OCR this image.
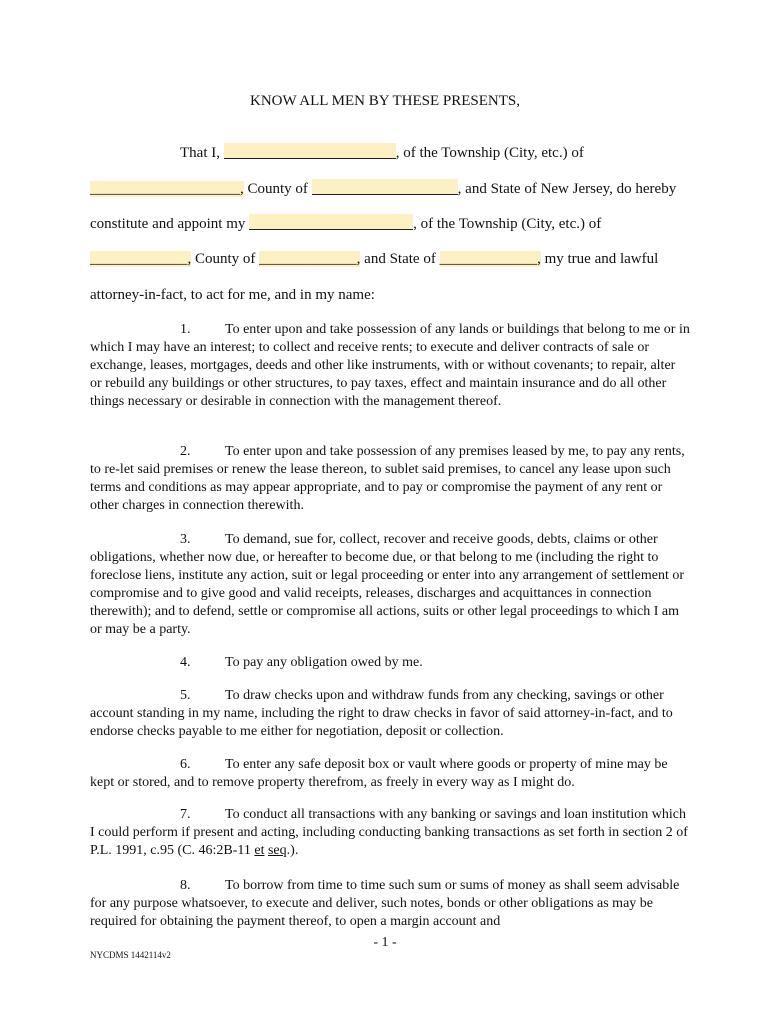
KNOW ALL MEN BY THESE PRESENTS,
That I,	, of the Township (City, etc.) of
____________________, County of	, and State of New Jersey, do hereby
constitute and appoint my	, of the Township (City, etc.) of
_____________, County of _____________, and State of _____________, my true and lawful
attorney-in-fact, to act for me, and in my name:
1. To enter upon and take possession of any lands or buildings that belong to me or in which I may have an interest; to collect and receive rents; to execute and deliver contracts of sale or exchange, leases, mortgages, deeds and other like instruments, with or without covenants; to repair, alter or rebuild any buildings or other structures, to pay taxes, effect and maintain insurance and do all other things necessary or desirable in connection with the management thereof.
2. To enter upon and take possession of any premises leased by me, to pay any rents, to re-let said premises or renew the lease thereon, to sublet said premises, to cancel any lease upon such terms and conditions as may appear appropriate, and to pay or compromise the payment of any rent or other charges in connection therewith.
3. To demand, sue for, collect, recover and receive goods, debts, claims or other obligations, whether now due, or hereafter to become due, or that belong to me (including the right to foreclose liens, institute any action, suit or legal proceeding or enter into any arrangement of settlement or compromise and to give good and valid receipts, releases, discharges and acquittances in connection therewith); and to defend, settle or compromise all actions, suits or other legal proceedings to which I am or may be a party.
4. To pay any obligation owed by me.
5. To draw checks upon and withdraw funds from any checking, savings or other account standing in my name, including the right to draw checks in favor of said attorney-in-fact, and to endorse checks payable to me either for negotiation, deposit or collection.
6. To enter any safe deposit box or vault where goods or property of mine may be kept or stored, and to remove property therefrom, as freely in every way as I might do.
7. To conduct all transactions with any banking or savings and loan institution which I could perform if present and acting, including conducting banking transactions as set forth in section 2 of P.L. 1991, c.95 (C. 46:2B-11 et seq.).
8. To borrow from time to time such sum or sums of money as shall seem advisable for any purpose whatsoever, to execute and deliver, such notes, bonds or other obligations as may be required for obtaining the payment thereof, to open a margin account and
- 1 -
NYCDMS 1442114v2
